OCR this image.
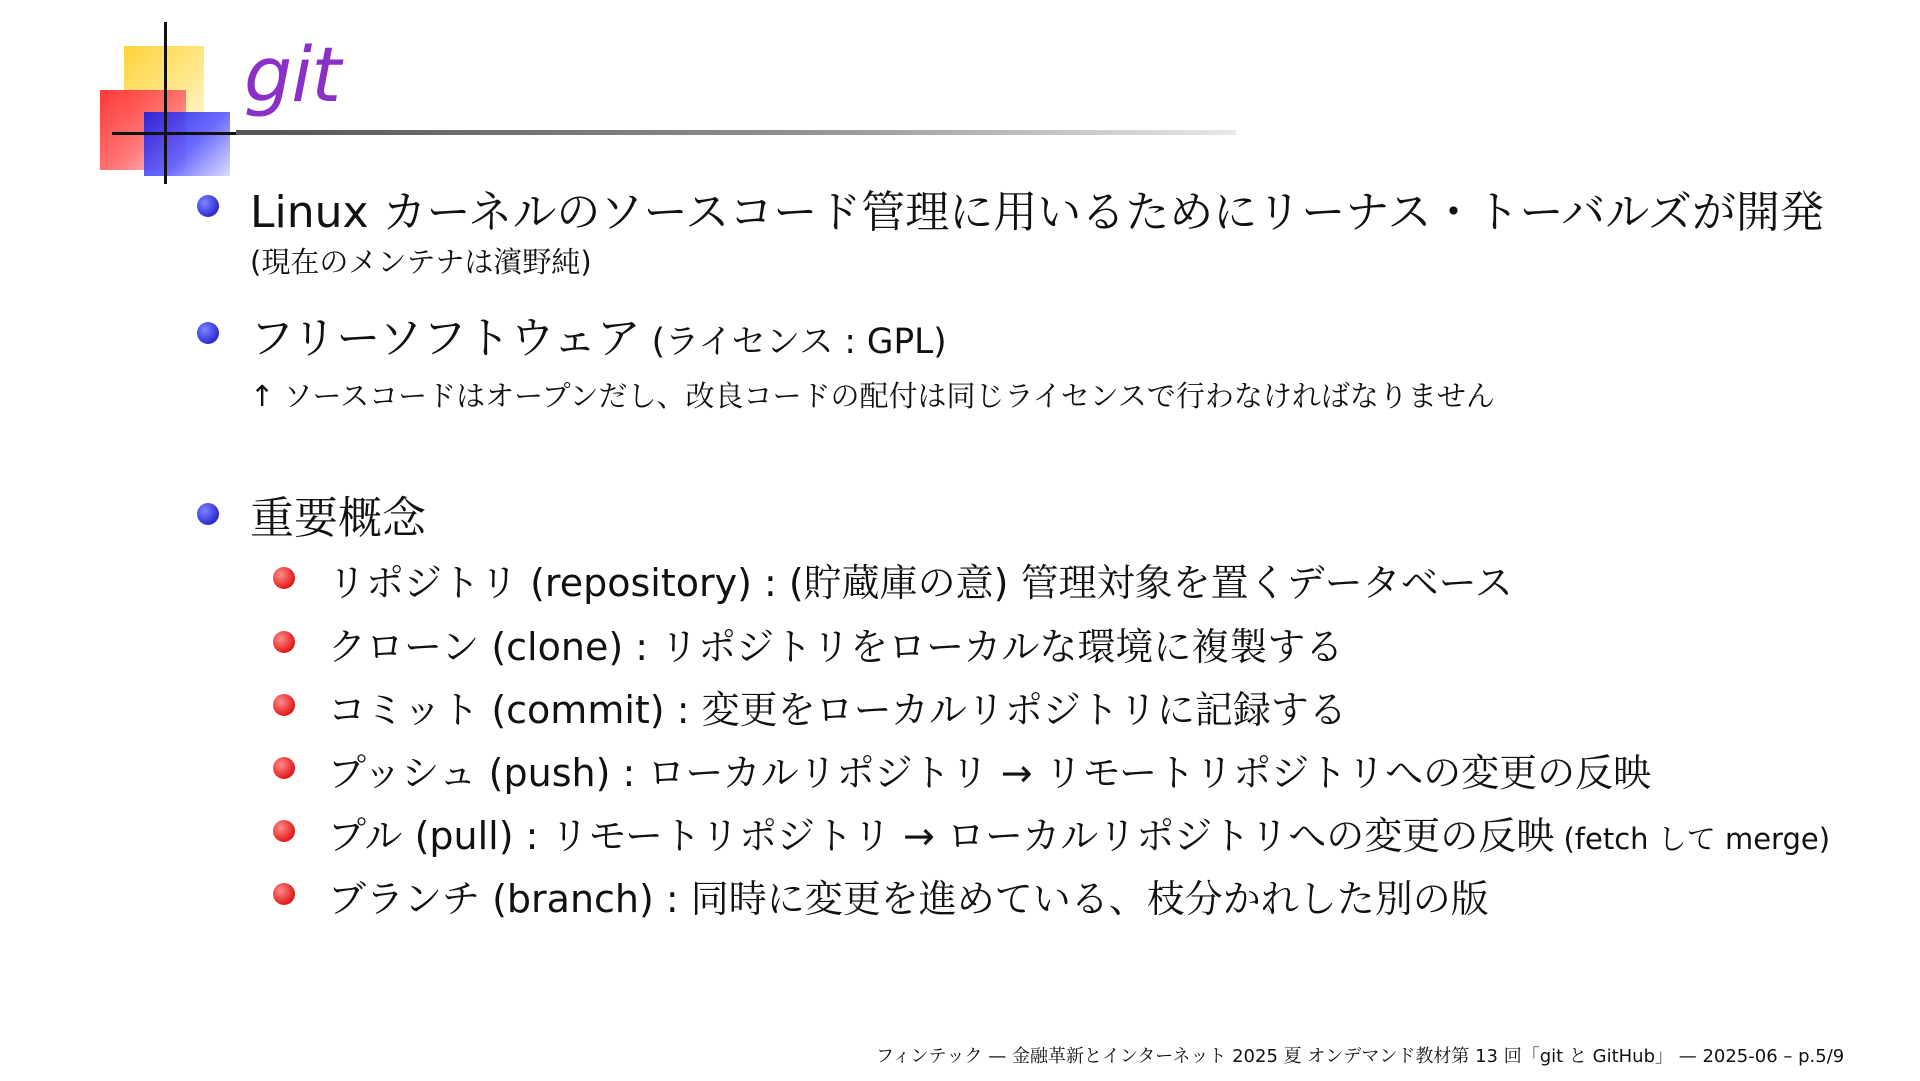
git
Linux カーネルのソースコード管理に用いるためにリーナス・トーバルズが開発
(現在のメンテナは濱野純)
フリーソフトウェア (ライセンス : GPL)
↑ ソースコードはオープンだし、改良コードの配付は同じライセンスで行わなければなりません
重要概念
リポジトリ (repository) : (貯蔵庫の意) 管理対象を置くデータベース
クローン (clone) : リポジトリをローカルな環境に複製する
コミット (commit) : 変更をローカルリポジトリに記録する
プッシュ (push) : ローカルリポジトリ → リモートリポジトリへの変更の反映
プル (pull) : リモートリポジトリ → ローカルリポジトリへの変更の反映 (fetch して merge)
ブランチ (branch) : 同時に変更を進めている、枝分かれした別の版
フィンテック — 金融革新とインターネット 2025 夏 オンデマンド教材第 13 回「git と GitHub」 — 2025-06 – p.5/9
